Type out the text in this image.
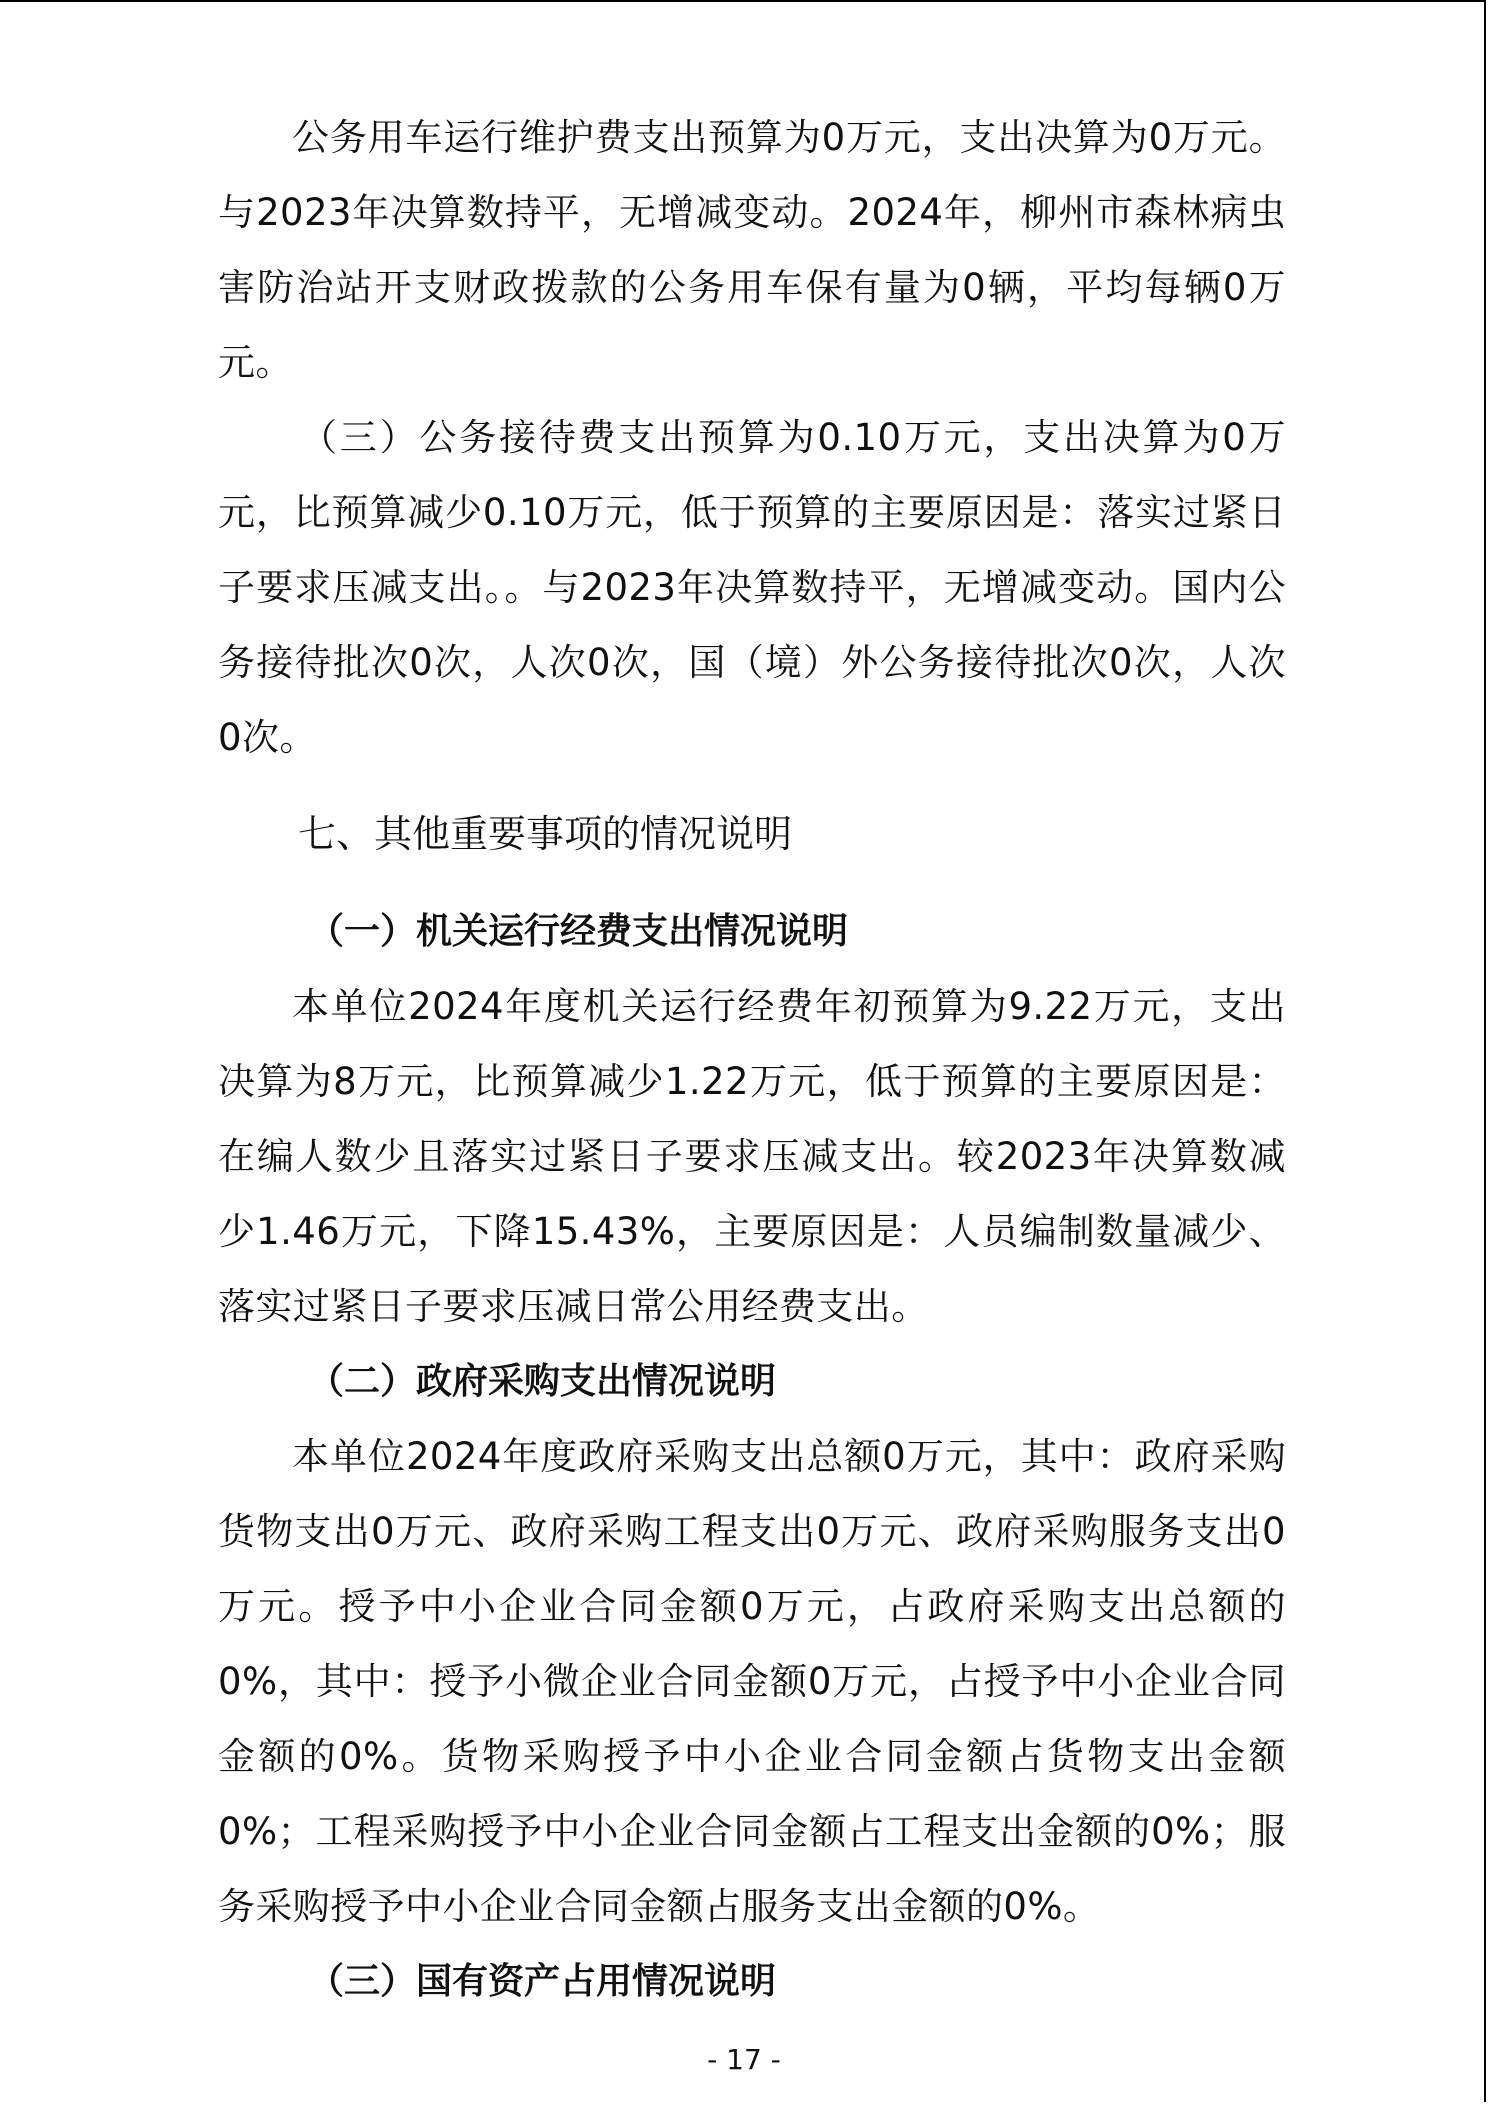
公务用车运行维护费支出预算为0万元，支出决算为0万元。与2023年决算数持平，无增减变动。2024年，柳州市森林病虫害防治站开支财政拨款的公务用车保有量为0辆，平均每辆0万元。

（三）公务接待费支出预算为0.10万元，支出决算为0万元，比预算减少0.10万元，低于预算的主要原因是：落实过紧日子要求压减支出。。与2023年决算数持平，无增减变动。国内公务接待批次0次，人次0次，国（境）外公务接待批次0次，人次0次。

七、其他重要事项的情况说明
（一）机关运行经费支出情况说明

本单位2024年度机关运行经费年初预算为9.22万元，支出决算为8万元，比预算减少1.22万元，低于预算的主要原因是：在编人数少且落实过紧日子要求压减支出。较2023年决算数减少1.46万元，下降15.43%，主要原因是：人员编制数量减少、落实过紧日子要求压减日常公用经费支出。

（二）政府采购支出情况说明

本单位2024年度政府采购支出总额0万元，其中：政府采购货物支出0万元、政府采购工程支出0万元、政府采购服务支出0万元。授予中小企业合同金额0万元，占政府采购支出总额的0%，其中：授予小微企业合同金额0万元，占授予中小企业合同金额的0%。货物采购授予中小企业合同金额占货物支出金额0%；工程采购授予中小企业合同金额占工程支出金额的0%；服务采购授予中小企业合同金额占服务支出金额的0%。

（三）国有资产占用情况说明
- 17 -
